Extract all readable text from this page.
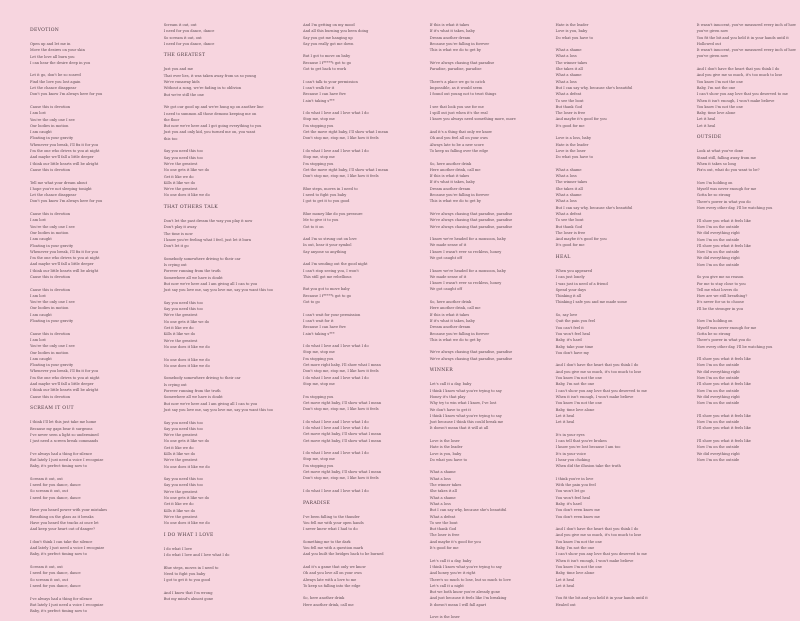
DEVOTION
Open up and let me in
Move the desires on your skin
Let the love all burn you
I can hear the desire deep in you
Let it go, don't be so scared
Find the love you lost again
Let the chance disappear
Don't you know I'm always here for you
Cause this is devotion
I am lost
You're the only one I see
Our bodies in motion
I am caught
Floating in your gravity
Whenever you break, I'll fix it for you
I'm the one who drives to you at night
And maybe we'll fall a little deeper
I think our little hearts will be alright
Cause this is devotion
Tell me what your dream about
I hope you're not sleeping tonight
Let the chance disappear
Don't you know I'm always here for you
Cause this is devotion
I am lost
You're the only one I see
Our bodies in motion
I am caught
Floating in your gravity
Whenever you break, I'll fix it for you
I'm the one who drives to you at night
And maybe we'll fall a little deeper
I think our little hearts will be alright
Cause this is devotion
Cause this is devotion
I am lost
You're the only one I see
Our bodies in motion
I am caught
Floating in your gravity
Cause this is devotion
I am lost
You're the only one I see
Our bodies in motion
I am caught
Floating in your gravity
Whenever you break, I'll fix it for you
I'm the one who drives to you at night
And maybe we'll fall a little deeper
I think our little hearts will be alright
Cause this is devotion
SCREAM IT OUT
I think I'll let this just take me home
Because my gaps bear it surgeons
I've never seen a light so undermined
I just need a screen break commands
I've always had a thing for silence
But lately I just need a voice I recognize
Baby, it's perfect timing now to
Scream it out, out
I need for you dance, dance
So scream it out, out
I need for you dance, dance
Have you heard power with your mistakes
Breathing on the glass as it breaks
Have you heard the tracks at once let
And keep your heart out of danger?
I don't think I can take the silence
And lately I just need a voice I recognize
Baby, it's perfect timing now to
Scream it out, out
I need for you dance, dance
So scream it out, out
I need for you dance, dance
I've always had a thing for silence
But lately I just need a voice I recognize
Baby, it's perfect timing now to
Scream it out, out
I need for you dance, dance
So scream it out, out
I need for you dance, dance
THE GREATEST
Just you and me
That ever lies, it was taken away from us so young
We're runaway kids
Without a song, we're fading in to oblivion
But we're still the one
We got our good up and we're hung up on another line
I need to summon all those demons keeping me on
the floor
But now we're here and I got going everything to you
Just you and only kid, you turned me on, you want
this too
Say you need this too
Say you need this too
We're the greatest
No one gets it like we do
Get it like we do
Kills it like we do
We're the greatest
No one does it like we do
THAT OTHERS TALK
Don't let the past dream the way you play it now
Don't play it away
The time is now
I know you're feeling what I feel, just let it burn
Don't let it go
Somebody somewhere driving to their car
Is crying out
Forever running from the truth
Somewhere all we have is doubt
But now we're here and I am giving all I can to you
Just say you love me, say you love me, say you want this too
Say you need this too
Say you need this too
We're the greatest
No one gets it like we do
Get it like we do
Kills it like we do
We're the greatest
No one does it like we do
No one does it like we do
No one does it like we do
Somebody somewhere driving to their car
Is crying out
Forever running from the truth
Somewhere all we have is doubt
But now we're here and I am giving all I can to you
Just say you love me, say you love me, say you want this too
Say you need this too
Say you need this too
We're the greatest
No one gets it like we do
Get it like we do
Kills it like we do
We're the greatest
No one does it like we do
Say you need this too
Say you need this too
We're the greatest
No one gets it like we do
Get it like we do
Kills it like we do
We're the greatest
No one does it like we do
I DO WHAT I LOVE
I do what I love
I do what I love and I love what I do
Blue steps, moves in I need to
Need to fight you baby
I got to get it to you good
And I know that I'm wrong
But my mind's almost gone
And I'm getting on my mood
And all this burning you been doing
Say you got me hanging up
Say you really got me down
But I got to move on baby
Because I f*****t got to go
Got to get back to work
I can't talk to your permission
I can't walk for it
Because I can have five
I ain't taking s***
I do what I love and I love what I do
Stop me, stop me
I'm stopping you
Get the move right baby, I'll show what I mean
Don't stop me, stop me, I like how it feels
I do what I love and I love what I do
Stop me, stop me
I'm stopping you
Get the move right baby, I'll show what I mean
Don't stop me, stop me, I like how it feels
Blue steps, moves in I need to
I need to fight you baby
I got to get it to you good
Blue money like do you pressure
Me to give it to you
Got to it on
And I'm so strung out on love
In out, hear it your symbol
Say anyone so anything
And I'm sending out the good night
I can't stop seeing you, I won't
This still got me rebellious
But you got to move baby
Because I f*****t got to go
Got to go
I can't wait for your permission
I can't wait for it
Because I can have five
I ain't taking s***
I do what I love and I love what I do
Stop me, stop me
I'm stopping you
Get more right baby, I'll show what I mean
Don't stop me, stop me, I like how it feels
I do what I love and I love what I do
Stop me, stop me
I'm stopping you
Get move right baby, I'll show what I mean
Don't stop me, stop me, I like how it feels
I do what I love and I love what I do
I do what I love and I love what I do
Get move right baby, I'll show what I mean
Get move right baby, I'll show what I mean
I do what I love and I love what I do
Stop me, stop me
I'm stopping you
Get move right baby, I'll show what I mean
Don't stop me, stop me, I like how it feels
I do what I love and I love what I do
PARADISE
I've been falling to the thunder
You fell me with your open hands
I never knew what I had to do
Something me to the dark
You fell me with a question mark
And you built the bridges back to be burned
And it's a game that only we know
Oh and you love all on your own
Always late with a love to me
To keep us falling into the edge
So, here another drink
Here another drink, call me
If this is what it takes
If it's what it takes, baby
Dream another dream
Because you're falling in forever
This is what we do to get by
We're always chasing that paradise
Paradise, paradise, paradise
There's a place we go to catch
Impossible, as it would seem
I found out young not to trust things
I see that look you use for me
I spill out just when it's the real
I know you always need something more, more
And it's a thing that only we know
Oh and you feel all on your own
Always late to be a new score
To keep us falling over the edge
So, here another drink
Here another drink, call me
If this is what it takes
If it's what it takes, baby
Dream another dream
Because you're falling in forever
This is what we do to get by
We're always chasing that paradise, paradise
We're always chasing that paradise, paradise
We're always chasing that paradise, paradise
I know we're headed for a monsoon, baby
We made sense of it
I know I wasn't ever so reckless, honey
We got caught off
I know we're headed for a monsoon, baby
We made sense of it
I know I wasn't ever so reckless, honey
We got caught off
So, here another drink
Here another drink, call me
If this is what it takes
If it's what it takes, baby
Dream another dream
Because you're falling in forever
This is what we do to get by
We're always chasing that paradise, paradise
We're always chasing that paradise, paradise
WINNER
Let's call it a day, baby
I think I know what you're trying to say
Honey it's that play
Why try to win what I know, I've lost
We don't have to get it
I think I know what you're trying to say
Just because I think this could break me
It doesn't mean that it will at all
Love is the loser
Hate is the leader
Love is you, baby
Do what you have to
What a shame
What a loss
The winner takes
She takes it all
What a shame
What a loss
But I can say why, because she's beautiful
What a defeat
To see the bout
But thank God
The loser is free
And maybe it's good for you
It's good for me
Let's call it a day, baby
I think I know what you're trying to say
And honey you're it right
There's so much to lose, but so much to love
Let's call it a night
But we both know you're already gone
And just because it feels like I'm breaking
It doesn't mean I will fall apart
Love is the loser
Hate is the leader
Love is you, baby
Do what you have to
What a shame
What a loss
The winner takes
She takes it all
What a shame
What a loss
But I can say why, because she's beautiful
What a defeat
To see the bout
But thank God
The loser is free
And maybe it's good for you
It's good for me
Love is a loss, baby
Hate is the leader
Love is the loser
Do what you have to
What a shame
What a loss
The winner takes
She takes it all
What a shame
What a loss
But I can say why, because she's beautiful
What a defeat
To see the bout
But thank God
The loser is free
And maybe it's good for you
It's good for me
HEAL
When you appeared
I can just lonely
I was just in need of a friend
Spend your days
Thinking it all
Thinking I safe you and me made some
So, say love
Quit the pain you feel
You can't feel it
You won't feel heal
Baby, it's hard
Baby, take your time
You don't have my
And I don't have the heart that you think I do
And you give me so much, it's too much to lose
You know I'm not the one
Baby, I'm not the one
I can't show you any love that you deserved to me
When it isn't enough, I won't make believe
You know I'm not the one
Baby, time love alone
Let it heal
Let it heal
It's in your eyes
I can tell that you're broken
I know you're lost because I am too
It's in your voice
I hear you choking
When did the illusion take the truth
I think you're in love
With the pain you feel
You won't let go
You won't feel heal
Baby, it's hard
You don't even know me
You don't even know me
And I don't have the heart that you think I do
And you give me so much, it's too much to lose
You know I'm not the one
Baby, I'm not the one
I can't show you any love that you deserved to me
When it isn't enough, I won't make believe
You know I'm not the one
Baby, time love alone
Let it heal
Let it heal
You fit the bit and you held it in your hands until it
Healed out
It wasn't innocent, you've measured every inch of how
you've given now
You fit the bit and you held it in your hands until it
Hollowed out
It wasn't innocent, you've measured every inch of how
you've given now
And I don't have the heart that you think I do
And you give me so much, it's too much to lose
You know I'm not the one
Baby, I'm not the one
I can't show you any love that you deserved to me
When it isn't enough, I won't make believe
You know I'm not the one
Baby, time love alone
Let it heal
Let it heal
OUTSIDE
Look at what you've done
Stand still, falling away from me
When it takes so long
Fix'n out, what do you want to be?
Now I'm holding on
Myself was never enough for me
Gotta be so strong
There's power in what you do
Now every other day, I'll be watching you
I'll show you what it feels like
Now I'm on the outside
We did everything right
Now I'm on the outside
I'll show you what it feels like
Now I'm on the outside
We did everything right
Now I'm on the outside
So you give me no reason
For me to stay close to you
Tell me what lovers do
How are we still breathing?
It's never for us to choose
I'll be the stronger in you
Now I'm holding on
Myself was never enough for me
Gotta be so strong
There's power in what you do
Now every other day, I'll be watching you
I'll show you what it feels like
Now I'm on the outside
We did everything right
Now I'm on the outside
I'll show you what it feels like
Now I'm on the outside
We did everything right
Now I'm on the outside
I'll show you what it feels like
Now I'm on the outside
I'll show you what it feels like
I'll show you what it feels like
Now I'm on the outside
We did everything right
Now I'm on the outside
